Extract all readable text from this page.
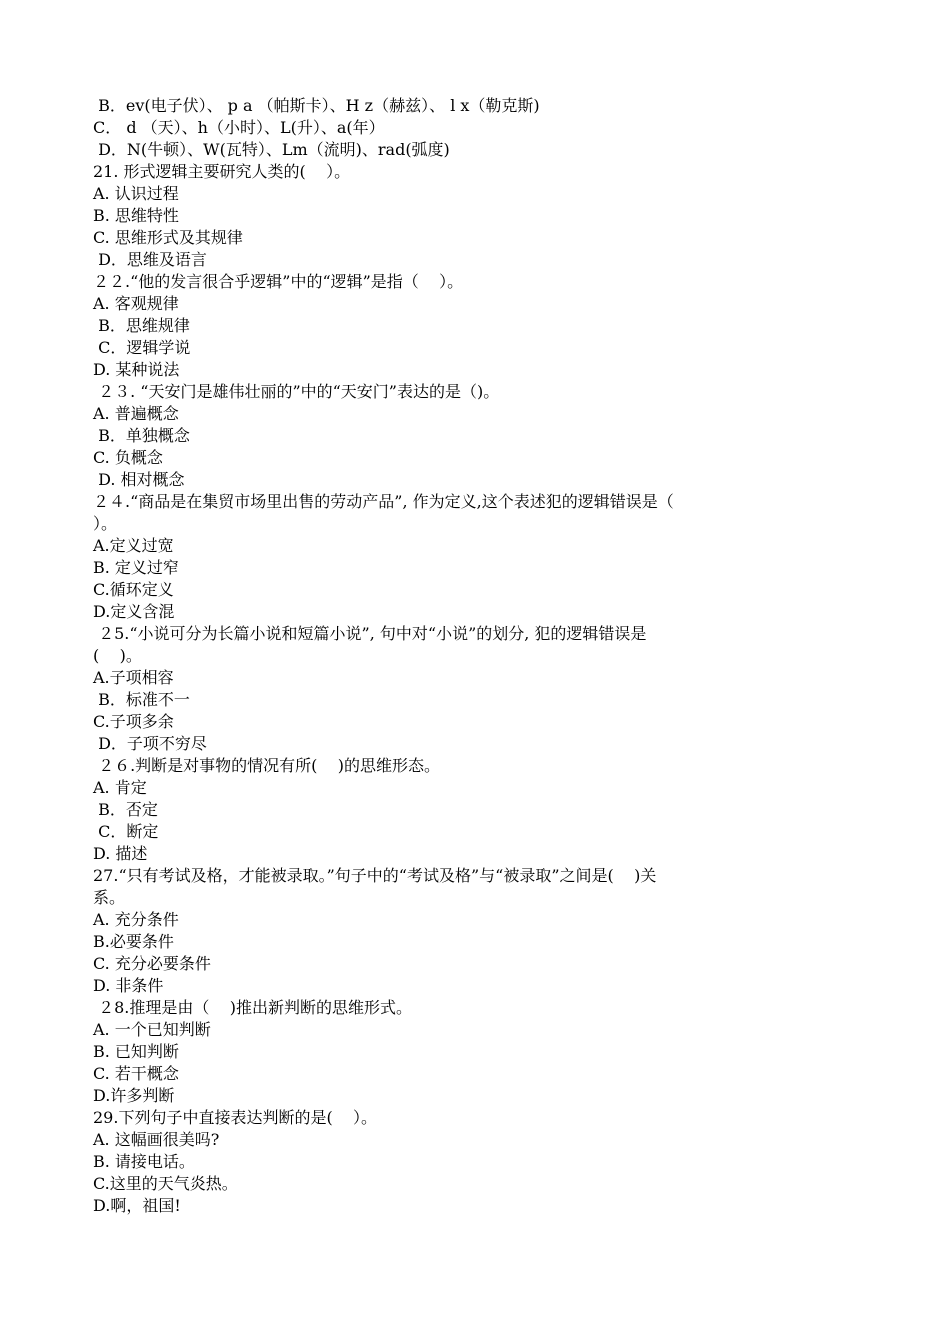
B．ev(电子伏）、 p a （帕斯卡）、H z（赫兹）、 l x（勒克斯)
C． d （天）、h（小时）、L(升）、a(年）
D．N(牛顿）、W(瓦特）、Lm（流明)、rad(弧度)
21. 形式逻辑主要研究人类的(    ）。
A. 认识过程
B. 思维特性
C. 思维形式及其规律
D．思维及语言
２２.“他的发言很合乎逻辑”中的“逻辑”是指（    ）。
A. 客观规律
B．思维规律
C．逻辑学说
D. 某种说法
２３. “天安门是雄伟壮丽的”中的“天安门”表达的是（)。
A. 普遍概念
B．单独概念
C. 负概念
D. 相对概念
２４.“商品是在集贸市场里出售的劳动产品”, 作为定义,这个表述犯的逻辑错误是（
）。
A.定义过宽
B. 定义过窄
C.循环定义
D.定义含混
２5.“小说可分为长篇小说和短篇小说”, 句中对“小说”的划分, 犯的逻辑错误是
(    )。
A.子项相容
B．标准不一
C.子项多余
D．子项不穷尽
２６.判断是对事物的情况有所(    )的思维形态。
A. 肯定
B．否定
C．断定
D. 描述
27.“只有考试及格，才能被录取。”句子中的“考试及格”与“被录取”之间是(    )关
系。
A. 充分条件
B.必要条件
C. 充分必要条件
D. 非条件
２8.推理是由（    )推出新判断的思维形式。
A. 一个已知判断
B. 已知判断
C. 若干概念
D.许多判断
29.下列句子中直接表达判断的是(    ）。
A. 这幅画很美吗?
B. 请接电话。
C.这里的天气炎热。
D.啊，祖国!
